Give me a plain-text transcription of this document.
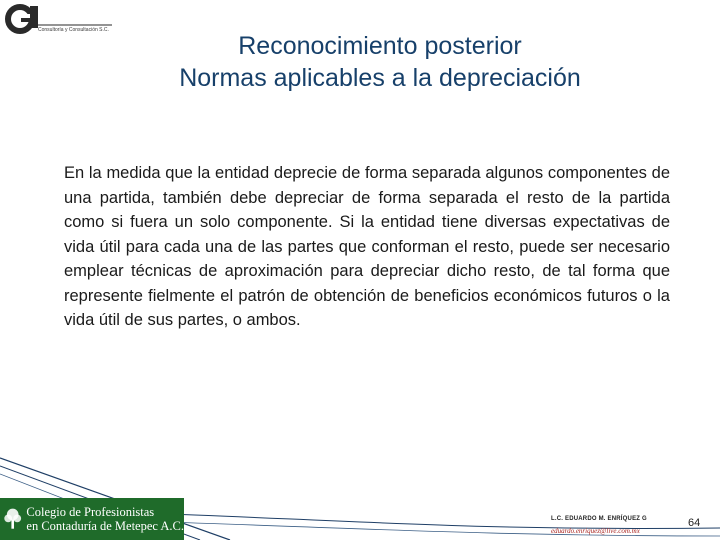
Consultoría y Consultación S.C.
Reconocimiento posterior
Normas aplicables a la depreciación
En la medida que la entidad deprecie de forma separada algunos componentes de una partida, también debe depreciar de forma separada el resto de la partida como si fuera un solo componente. Si la entidad tiene diversas expectativas de vida útil para cada una de las partes que conforman el resto, puede ser necesario emplear técnicas de aproximación para depreciar dicho resto, de tal forma que represente fielmente el patrón de obtención de beneficios económicos futuros o la vida útil de sus partes, o ambos.
Colegio de Profesionistas
en Contaduría de Metepec A.C.	L.C. EDUARDO M. ENRÍQUEZ G
eduardo.enriquez@live.com.mx
64
